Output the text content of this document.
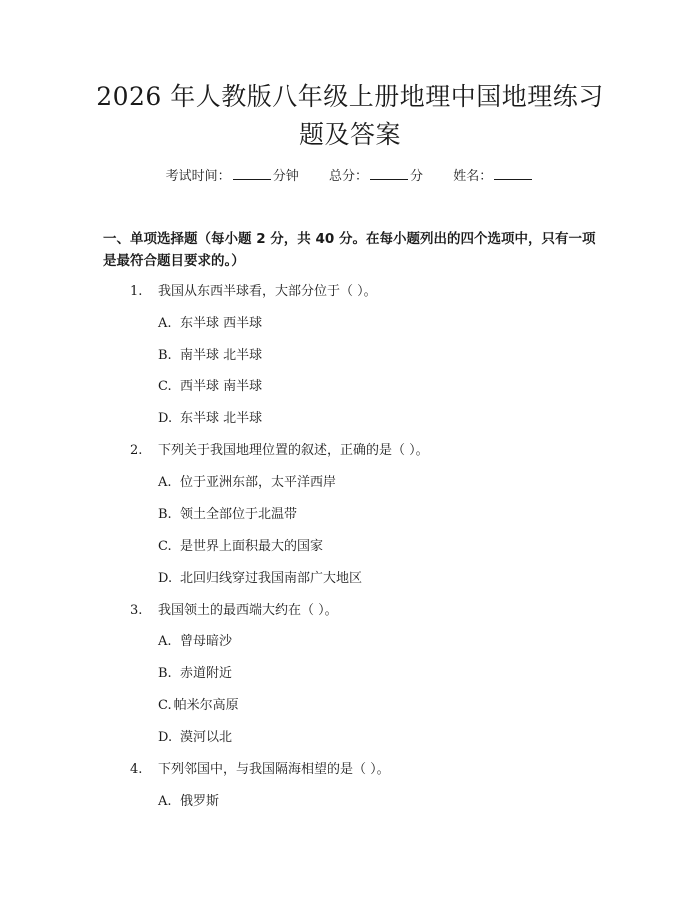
2026 年人教版八年级上册地理中国地理练习
题及答案
考试时间：	分钟 总分：	分 姓名：
一、单项选择题（每小题 2 分，共 40 分。在每小题列出的四个选项中，只有一项是最符合题目要求的。）
1. 我国从东西半球看，大部分位于（ ）。
A. 东半球 西半球
B. 南半球 北半球
C. 西半球 南半球
D. 东半球 北半球
2. 下列关于我国地理位置的叙述，正确的是（ ）。
A. 位于亚洲东部，太平洋西岸
B. 领土全部位于北温带
C. 是世界上面积最大的国家
D. 北回归线穿过我国南部广大地区
3. 我国领土的最西端大约在（ ）。
A. 曾母暗沙
B. 赤道附近
C. 帕米尔高原
D. 漠河以北
4. 下列邻国中，与我国隔海相望的是（ ）。
A. 俄罗斯
